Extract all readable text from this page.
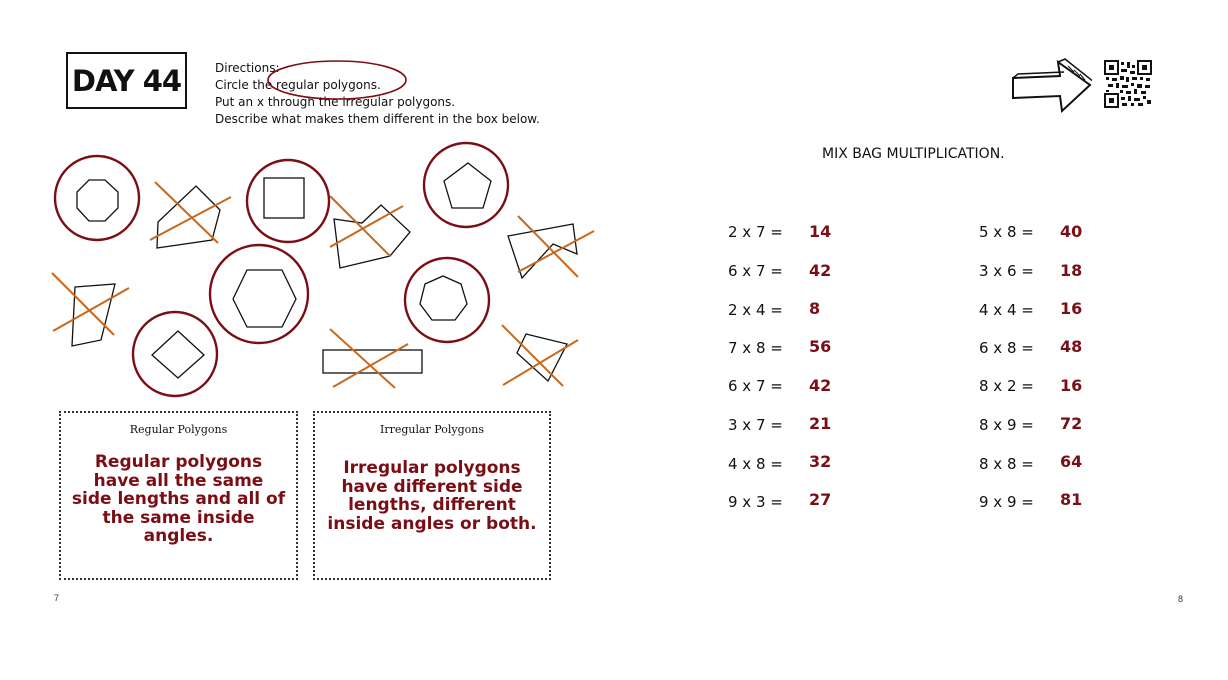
DAY 44	Directions:
Circle the regular polygons.
Put an x through the irregular polygons.
Describe what makes them different in the box below.
Regular Polygons
Regular polygons have all the same side lengths and all of the same inside angles.
Irregular Polygons
Irregular polygons have different side lengths, different inside angles or both.
7	8
MIX BAG MULTIPLICATION.
2 x 7 = 14
6 x 7 = 42
2 x 4 = 8
7 x 8 = 56
6 x 7 = 42
3 x 7 = 21
4 x 8 = 32
9 x 3 = 27
5 x 8 = 40
3 x 6 = 18
4 x 4 = 16
6 x 8 = 48
8 x 2 = 16
8 x 9 = 72
8 x 8 = 64
9 x 9 = 81
